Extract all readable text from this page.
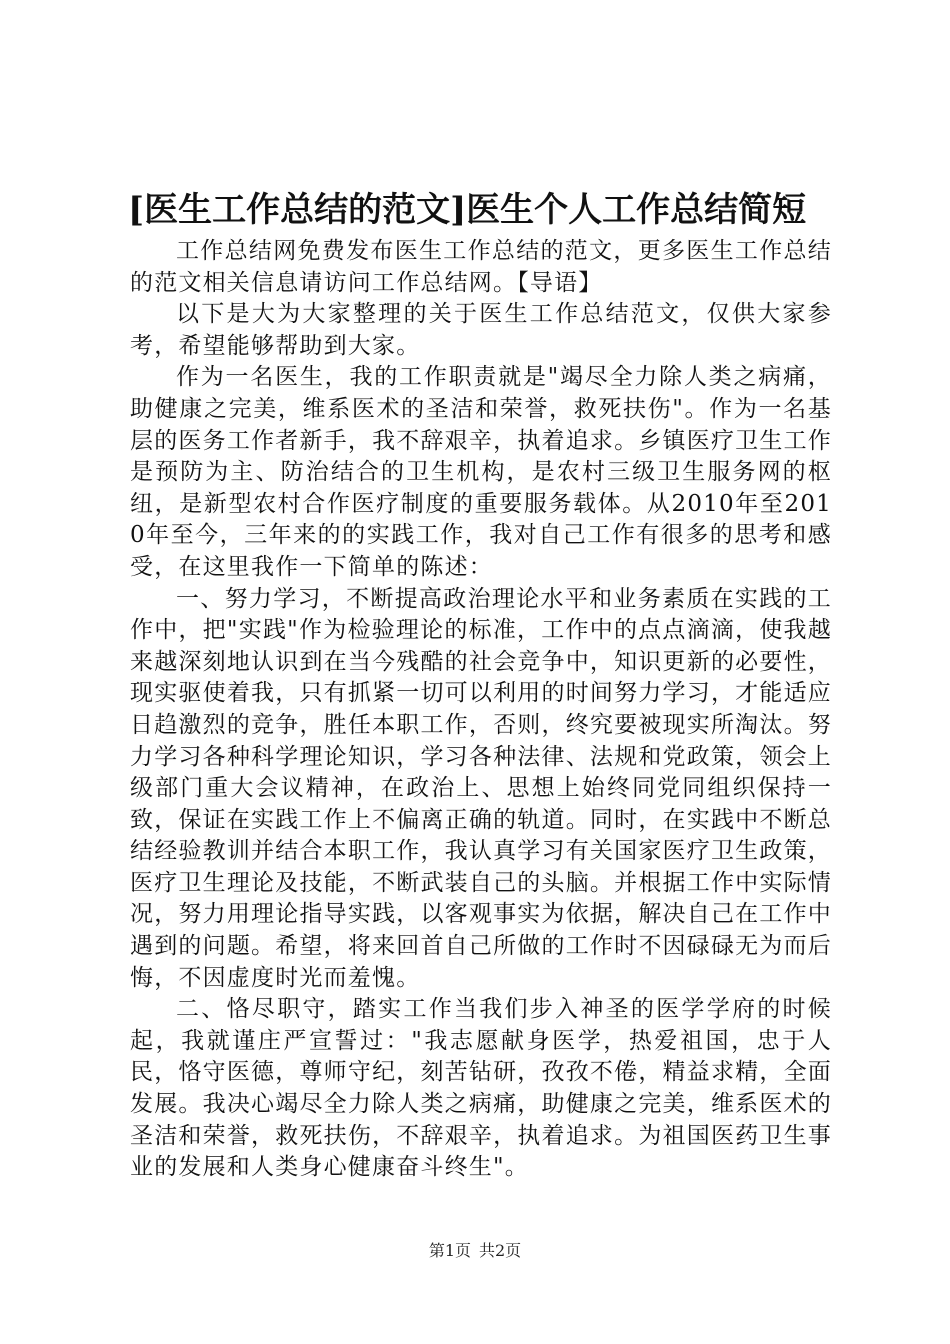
[医生工作总结的范文]医生个人工作总结简短

工作总结网免费发布医生工作总结的范文，更多医生工作总结的范文相关信息请访问工作总结网。【导语】

以下是大为大家整理的关于医生工作总结范文，仅供大家参考，希望能够帮助到大家。

作为一名医生，我的工作职责就是"竭尽全力除人类之病痛，助健康之完美，维系医术的圣洁和荣誉，救死扶伤"。作为一名基层的医务工作者新手，我不辞艰辛，执着追求。乡镇医疗卫生工作是预防为主、防治结合的卫生机构，是农村三级卫生服务网的枢纽，是新型农村合作医疗制度的重要服务载体。从2010年至2010年至今，三年来的的实践工作，我对自己工作有很多的思考和感受，在这里我作一下简单的陈述：

一、努力学习，不断提高政治理论水平和业务素质在实践的工作中，把"实践"作为检验理论的标准，工作中的点点滴滴，使我越来越深刻地认识到在当今残酷的社会竞争中，知识更新的必要性，现实驱使着我，只有抓紧一切可以利用的时间努力学习，才能适应日趋激烈的竞争，胜任本职工作，否则，终究要被现实所淘汰。努力学习各种科学理论知识，学习各种法律、法规和党政策，领会上级部门重大会议精神，在政治上、思想上始终同党同组织保持一致，保证在实践工作上不偏离正确的轨道。同时，在实践中不断总结经验教训并结合本职工作，我认真学习有关国家医疗卫生政策，医疗卫生理论及技能，不断武装自己的头脑。并根据工作中实际情况，努力用理论指导实践，以客观事实为依据，解决自己在工作中遇到的问题。希望，将来回首自己所做的工作时不因碌碌无为而后悔，不因虚度时光而羞愧。

二、恪尽职守，踏实工作当我们步入神圣的医学学府的时候起，我就谨庄严宣誓过："我志愿献身医学，热爱祖国，忠于人民，恪守医德，尊师守纪，刻苦钻研，孜孜不倦，精益求精，全面发展。我决心竭尽全力除人类之病痛，助健康之完美，维系医术的圣洁和荣誉，救死扶伤，不辞艰辛，执着追求。为祖国医药卫生事业的发展和人类身心健康奋斗终生"。

第1页 共2页
